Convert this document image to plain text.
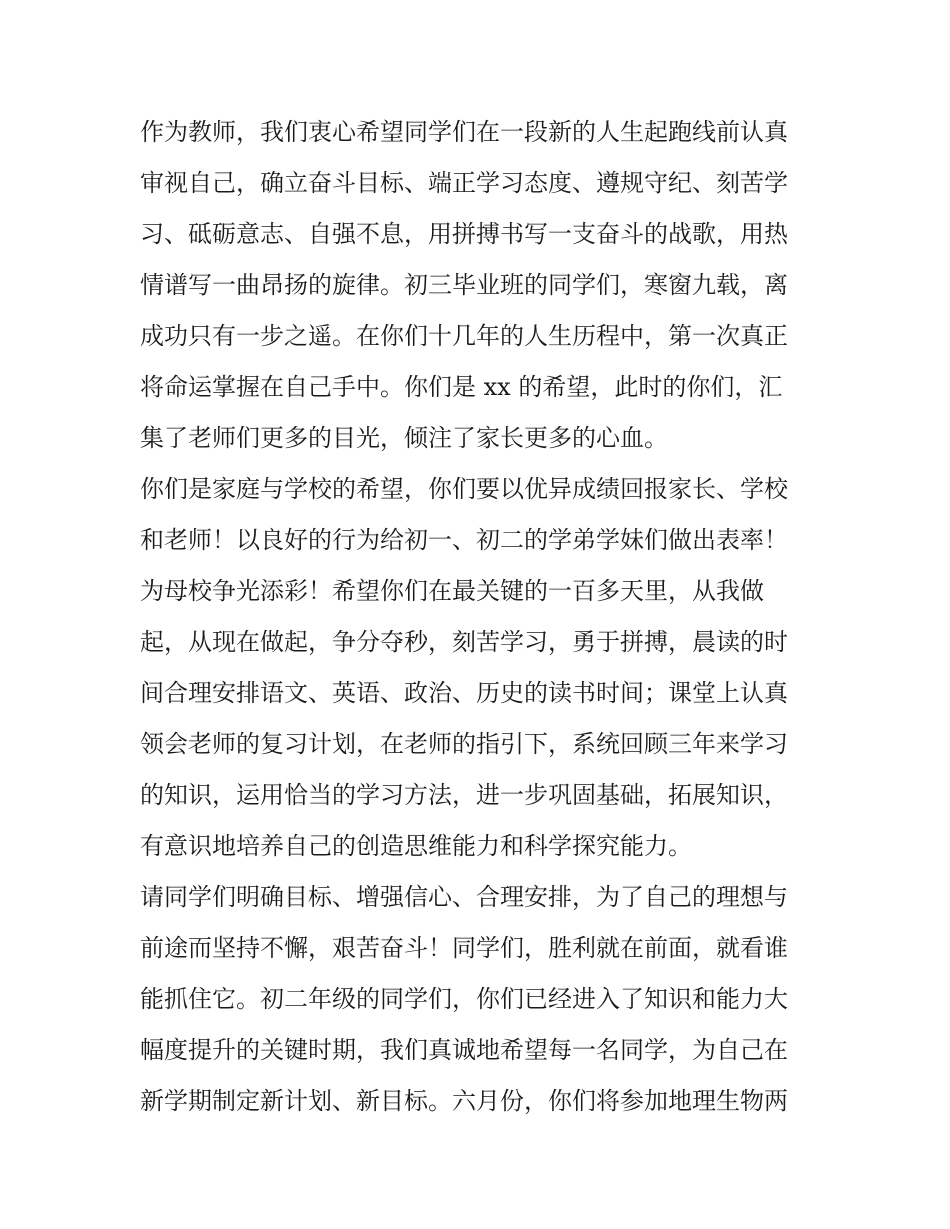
作为教师，我们衷心希望同学们在一段新的人生起跑线前认真
审视自己，确立奋斗目标、端正学习态度、遵规守纪、刻苦学
习、砥砺意志、自强不息，用拼搏书写一支奋斗的战歌，用热
情谱写一曲昂扬的旋律。初三毕业班的同学们，寒窗九载，离
成功只有一步之遥。在你们十几年的人生历程中，第一次真正
将命运掌握在自己手中。你们是 xx 的希望，此时的你们，汇
集了老师们更多的目光，倾注了家长更多的心血。
你们是家庭与学校的希望，你们要以优异成绩回报家长、学校
和老师！以良好的行为给初一、初二的学弟学妹们做出表率！
为母校争光添彩！希望你们在最关键的一百多天里，从我做
起，从现在做起，争分夺秒，刻苦学习，勇于拼搏，晨读的时
间合理安排语文、英语、政治、历史的读书时间；课堂上认真
领会老师的复习计划，在老师的指引下，系统回顾三年来学习
的知识，运用恰当的学习方法，进一步巩固基础，拓展知识，
有意识地培养自己的创造思维能力和科学探究能力。
请同学们明确目标、增强信心、合理安排，为了自己的理想与
前途而坚持不懈，艰苦奋斗！同学们，胜利就在前面，就看谁
能抓住它。初二年级的同学们，你们已经进入了知识和能力大
幅度提升的关键时期，我们真诚地希望每一名同学，为自己在
新学期制定新计划、新目标。六月份，你们将参加地理生物两
